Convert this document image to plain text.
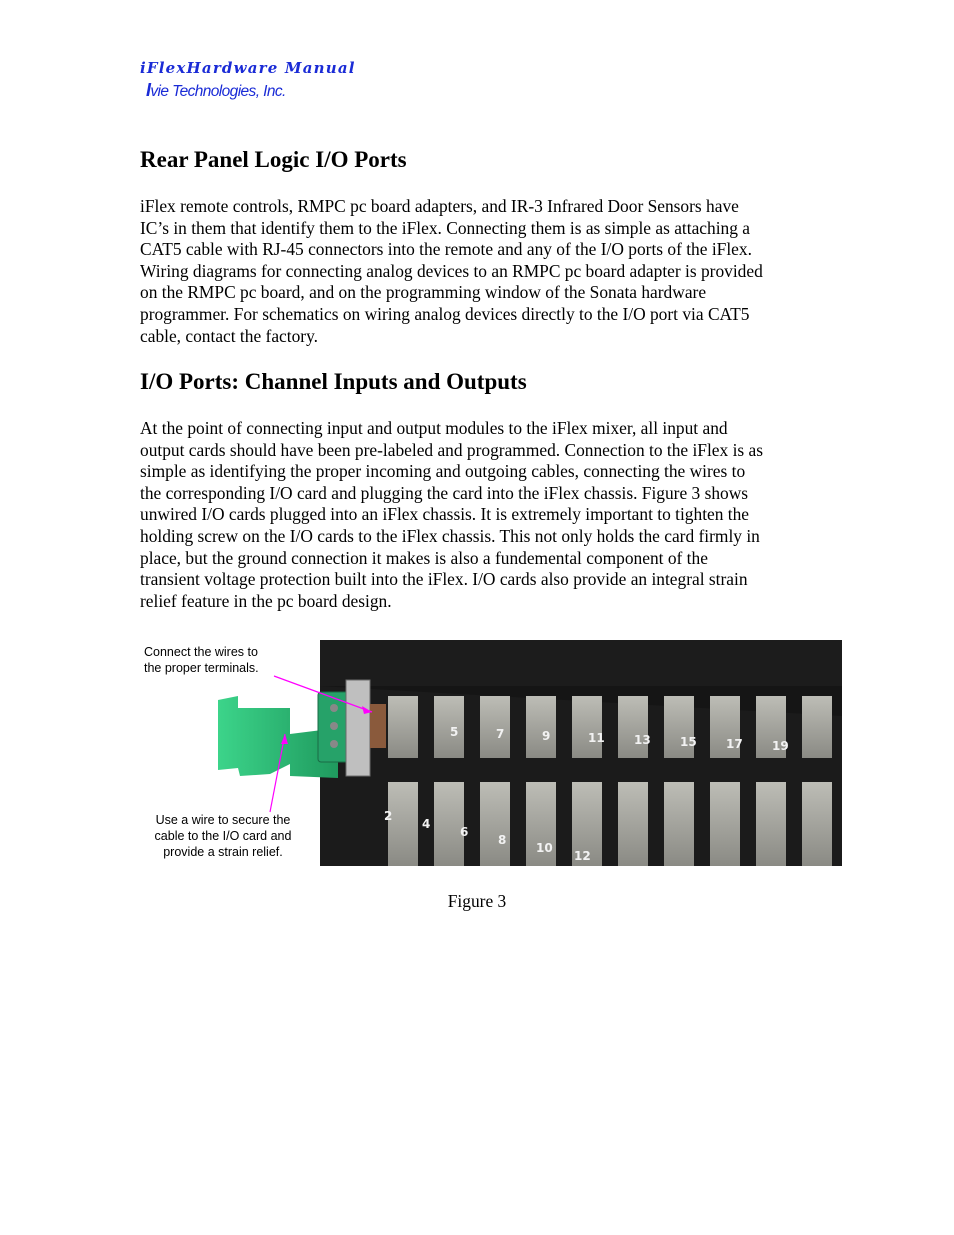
iFlexHardware Manual
Ivie Technologies, Inc.
Rear Panel Logic I/O Ports
iFlex remote controls, RMPC pc board adapters, and IR-3 Infrared Door Sensors have
IC’s in them that identify them to the iFlex. Connecting them is as simple as attaching a
CAT5 cable with RJ-45 connectors into the remote and any of the I/O ports of the iFlex.
Wiring diagrams for connecting analog devices to an RMPC pc board adapter is provided
on the RMPC pc board, and on the programming window of the Sonata hardware
programmer. For schematics on wiring analog devices directly to the I/O port via CAT5
cable, contact the factory.
I/O Ports: Channel Inputs and Outputs
At the point of connecting input and output modules to the iFlex mixer, all input and
output cards should have been pre-labeled and programmed. Connection to the iFlex is as
simple as identifying the proper incoming and outgoing cables, connecting the wires to
the corresponding I/O card and plugging the card into the iFlex chassis. Figure 3 shows
unwired I/O cards plugged into an iFlex chassis. It is extremely important to tighten the
holding screw on the I/O cards to the iFlex chassis. This not only holds the card firmly in
place, but the ground connection it makes is also a fundemental component of the
transient voltage protection built into the iFlex. I/O cards also provide an integral strain
relief feature in the pc board design.
5	7	9	11 13 15 17 19
2
4
6
8
10
12
Connect the wires to
the proper terminals.
Use a wire to secure the
cable to the I/O card and
provide a strain relief.
Figure 3
